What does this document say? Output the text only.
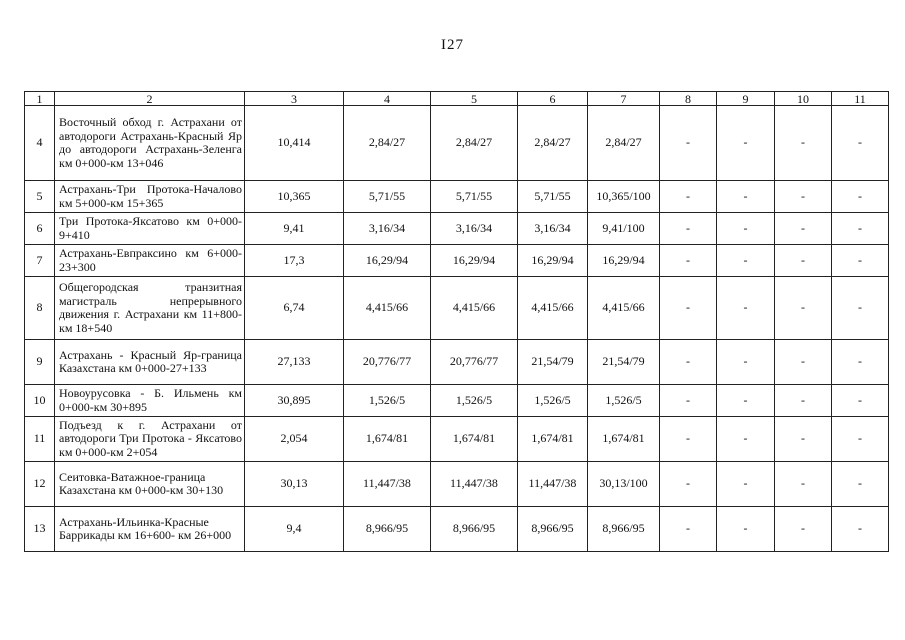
I27
1	2	3	4	5	6	7	8	9	10	11
4	Восточный обход г. Астрахани от автодороги Астрахань-Красный Яр до автодороги Астрахань-Зеленга км 0+000-км 13+046	10,414	2,84/27	2,84/27	2,84/27	2,84/27	-	-	-	-
5	Астрахань-Три Протока-Началово км 5+000-км 15+365	10,365	5,71/55	5,71/55	5,71/55	10,365/100	-	-	-	-
6	Три Протока-Яксатово км 0+000-9+410	9,41	3,16/34	3,16/34	3,16/34	9,41/100	-	-	-	-
7	Астрахань-Евпраксино км 6+000-23+300	17,3	16,29/94	16,29/94	16,29/94	16,29/94	-	-	-	-
8	Общегородская транзитная магистраль непрерывного движения г. Астрахани км 11+800-км 18+540	6,74	4,415/66	4,415/66	4,415/66	4,415/66	-	-	-	-
9	Астрахань - Красный Яр-граница Казахстана км 0+000-27+133	27,133	20,776/77	20,776/77	21,54/79	21,54/79	-	-	-	-
10	Новоурусовка - Б. Ильмень км 0+000-км 30+895	30,895	1,526/5	1,526/5	1,526/5	1,526/5	-	-	-	-
11	Подъезд к г. Астрахани от автодороги Три Протока - Яксатово км 0+000-км 2+054	2,054	1,674/81	1,674/81	1,674/81	1,674/81	-	-	-	-
12	Сеитовка-Ватажное-граница Казахстана км 0+000-км 30+130	30,13	11,447/38	11,447/38	11,447/38	30,13/100	-	-	-	-
13	Астрахань-Ильинка-Красные Баррикады км 16+600- км 26+000	9,4	8,966/95	8,966/95	8,966/95	8,966/95	-	-	-	-
